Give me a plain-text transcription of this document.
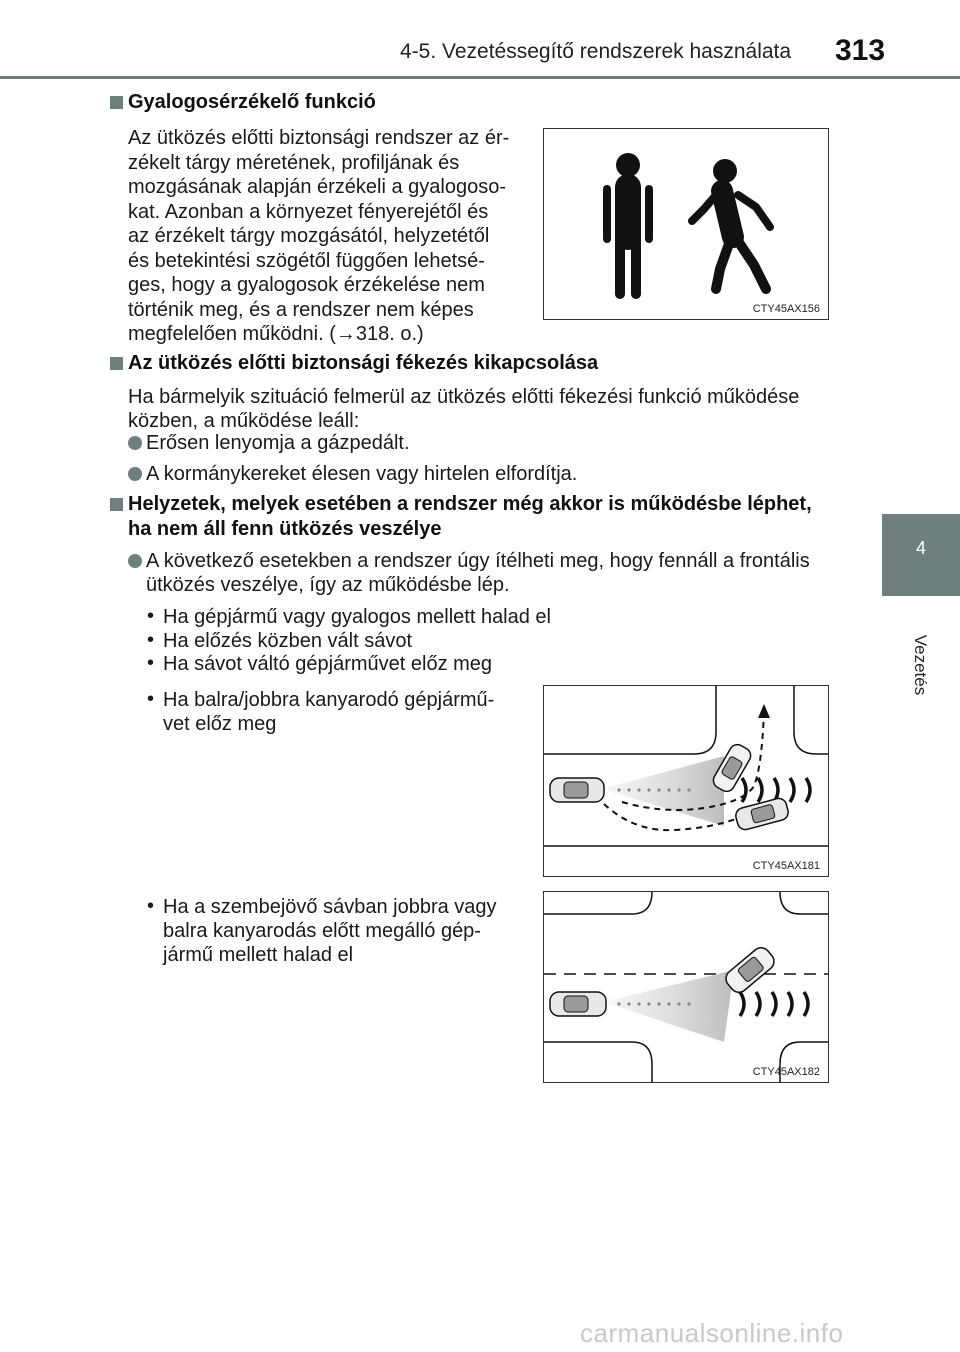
4-5. Vezetéssegítő rendszerek használata 313
4
Vezetés
Gyalogosérzékelő funkció
Az ütközés előtti biztonsági rendszer az ér-
zékelt tárgy méretének, profiljának és
mozgásának alapján érzékeli a gyalogoso-
kat. Azonban a környezet fényerejétől és
az érzékelt tárgy mozgásától, helyzetétől
és betekintési szögétől függően lehetsé-
ges, hogy a gyalogosok érzékelése nem
történik meg, és a rendszer nem képes
megfelelően működni. (→318. o.)
CTY45AX156
Az ütközés előtti biztonsági fékezés kikapcsolása
Ha bármelyik szituáció felmerül az ütközés előtti fékezési funkció működése
közben, a működése leáll:
Erősen lenyomja a gázpedált.
A kormánykereket élesen vagy hirtelen elfordítja.
Helyzetek, melyek esetében a rendszer még akkor is működésbe léphet,
ha nem áll fenn ütközés veszélye
A következő esetekben a rendszer úgy ítélheti meg, hogy fennáll a frontális
ütközés veszélye, így az működésbe lép.
• Ha gépjármű vagy gyalogos mellett halad el
• Ha előzés közben vált sávot
• Ha sávot váltó gépjárművet előz meg
• Ha balra/jobbra kanyarodó gépjármű-
vet előz meg
CTY45AX181
• Ha a szembejövő sávban jobbra vagy
balra kanyarodás előtt megálló gép-
jármű mellett halad el
CTY45AX182
carmanualsonline.info
